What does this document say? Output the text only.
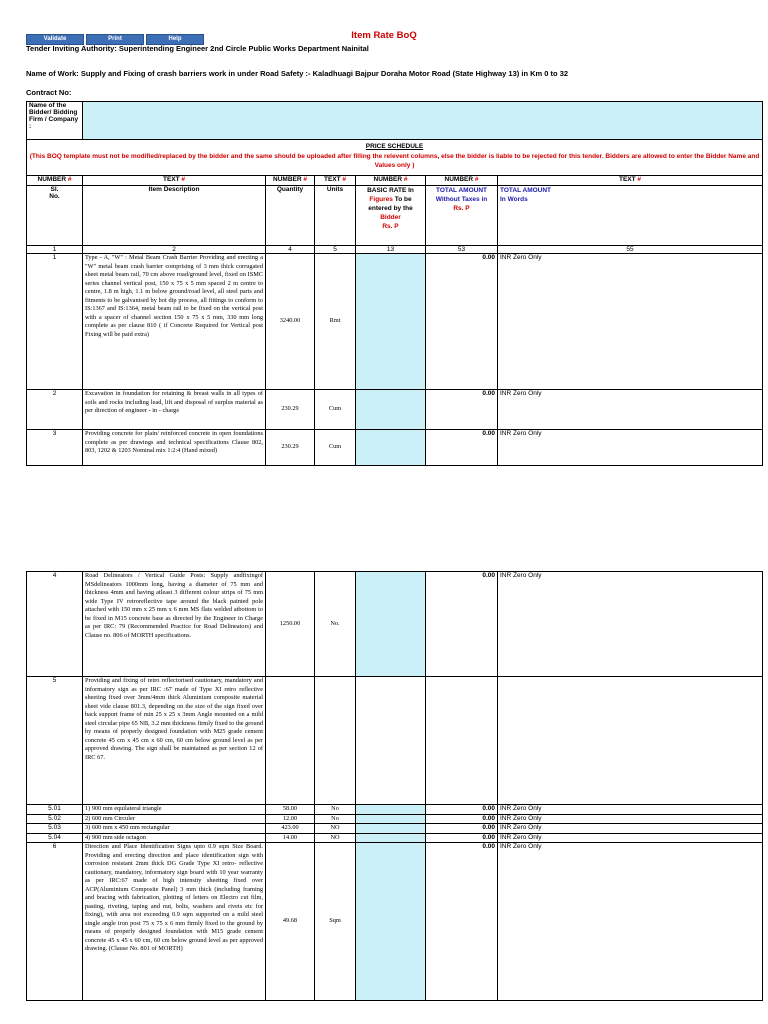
Item Rate BoQ
Validate	Print	Help
Tender Inviting Authority: Superintending Engineer 2nd Circle Public Works Department Nainital
Name of Work: Supply and Fixing of crash barriers work in under Road Safety :- Kaladhuagi Bajpur Doraha Motor Road (State Highway 13) in Km 0 to 32
Contract No:
Name of the Bidder/ Bidding Firm / Company :						

PRICE SCHEDULE
(This BOQ template must not be modified/replaced by the bidder and the same should be uploaded after filling the relevent columns, else the bidder is liable to be rejected for this tender. Bidders are allowed to enter the Bidder Name and Values only )						

NUMBER #	TEXT #	NUMBER #	TEXT #	NUMBER #	NUMBER #	TEXT #
Sl.
No.	Item Description	Quantity	Units	BASIC RATE In
Figures To be entered by the
Bidder
Rs. P	TOTAL AMOUNT
Without Taxes in
Rs. P	TOTAL AMOUNT
In Words
1	2	4	5	13	53	55
1	Type - A, "W" : Metal Beam Crash Barrier Providing and erecting a "W" metal beam crash barrier comprising of 3 mm thick corrugated sheet metal beam rail, 70 cm above road/ground level, fixed on ISMC series channel vertical post, 150 x 75 x 5 mm spaced 2 m centre to centre, 1.8 m high, 1.1 m below ground/road level, all steel parts and fitments to be galvanised by hot dip process, all fittings to conform to IS:1367 and IS:1364, metal beam rail to be fixed on the vertical post with a spacer of channel section 150 x 75 x 5 mm, 330 mm long complete as per clause 810 ( if Concrete Required for Vertical post Fixing will be paid extra)	3240.00	Rmt		0.00	INR Zero Only
2	Excavation in foundation for retaining & breast walls in all types of soils and rocks including lead, lift and disposal of surplus material as per direction of engineer - in - charge	230.29	Cum		0.00	INR Zero Only
3	Providing concrete for plain/ reinforced concrete in open foundations complete as per drawings and technical specifications Clause 802, 803, 1202 & 1203 Nominal mix 1:2:4 (Hand mixed)	230.29	Cum		0.00	INR Zero Only
4	Road Delineators / Vertical Guide Posts: Supply andfixingof MSdelineators 1000mm long, having a diameter of 75 mm and thickness 4mm and having atleast 3 different colour strips of 75 mm wide Type IV retroreflective tape around the black painted pole attached with 150 mm x 25 mm x 6 mm MS flats welded atbottom to be fixed in M15 concrete base as directed by the Engineer in Charge as per IRC: 79 (Recommended Practice for Road Delineators) and Clause no. 806 of MORTH specifications.	1250.00	No.		0.00	INR Zero Only
5	Providing and fixing of retro reflectorised cautionary, mandatory and informatory sign as per IRC :67 made of Type XI retro reflective sheeting fixed over 3mm/4mm thick Aluminium composite material sheet vide clause 801.3, depending on the size of the sign fixed over back support frame of min 25 x 25 x 3mm Angle mounted on a mild steel circular pipe 65 NB, 3.2 mm thickness firmly fixed to the ground by means of properly designed foundation with M25 grade cement concrete 45 cm x 45 cm x 60 cm, 60 cm below ground level as per approved drawing. The sign shall be maintained as per section 12 of IRC 67.					
5.01	1) 900 mm equilateral triangle	58.00	No		0.00	INR Zero Only
5.02	2) 600 mm Circuler	12.00	No		0.00	INR Zero Only
5.03	3) 600 mm x 450 mm rectangular	423.00	NO		0.00	INR Zero Only
5.04	4) 900 mm side octagon	14.00	NO		0.00	INR Zero Only
6	Direction and Place Identification Signs upto 0.9 sqm Size Board. Providing and erecting direction and place identification sign with corrosion resistant 2mm thick DG Grade Type XI retro- reflective cautionary, mandatory, informatory sign board with 10 year warranty as per IRC:67 made of high intensity sheeting fixed over ACP(Aluminium Composite Panel) 3 mm thick (including framing and bracing with fabrication, plotting of letters on Electro cut film, pasting, riveting, taping and nut, bolts, washers and rivets etc for fixing), with area not exceeding 0.9 sqm supported on a mild steel single angle iron post 75 x 75 x 6 mm firmly fixed to the ground by means of properly designed foundation with M15 grade cement concrete 45 x 45 x 60 cm, 60 cm below ground level as per approved drawing. (Clause No. 801 of MORTH)	49.68	Sqm		0.00	INR Zero Only
